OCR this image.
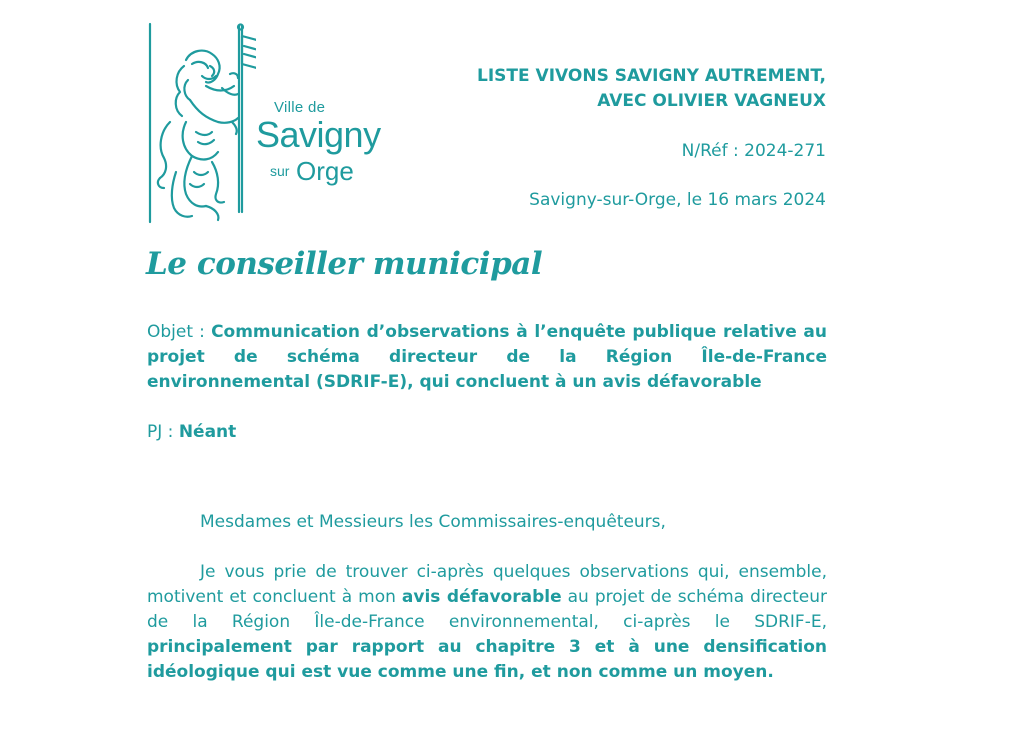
Ville de
Savigny
sur Orge
LISTE VIVONS SAVIGNY AUTREMENT,
AVEC OLIVIER VAGNEUX
N/Réf : 2024-271
Savigny-sur-Orge, le 16 mars 2024
Le conseiller municipal
Objet : Communication d’observations à l’enquête publique relative au projet de schéma directeur de la Région Île-de-France environnemental (SDRIF-E), qui concluent à un avis défavorable
PJ : Néant
Mesdames et Messieurs les Commissaires-enquêteurs,
Je vous prie de trouver ci-après quelques observations qui, ensemble, motivent et concluent à mon avis défavorable au projet de schéma directeur de la Région Île-de-France environnemental, ci-après le SDRIF-E, principalement par rapport au chapitre 3 et à une densification idéologique qui est vue comme une fin, et non comme un moyen.
